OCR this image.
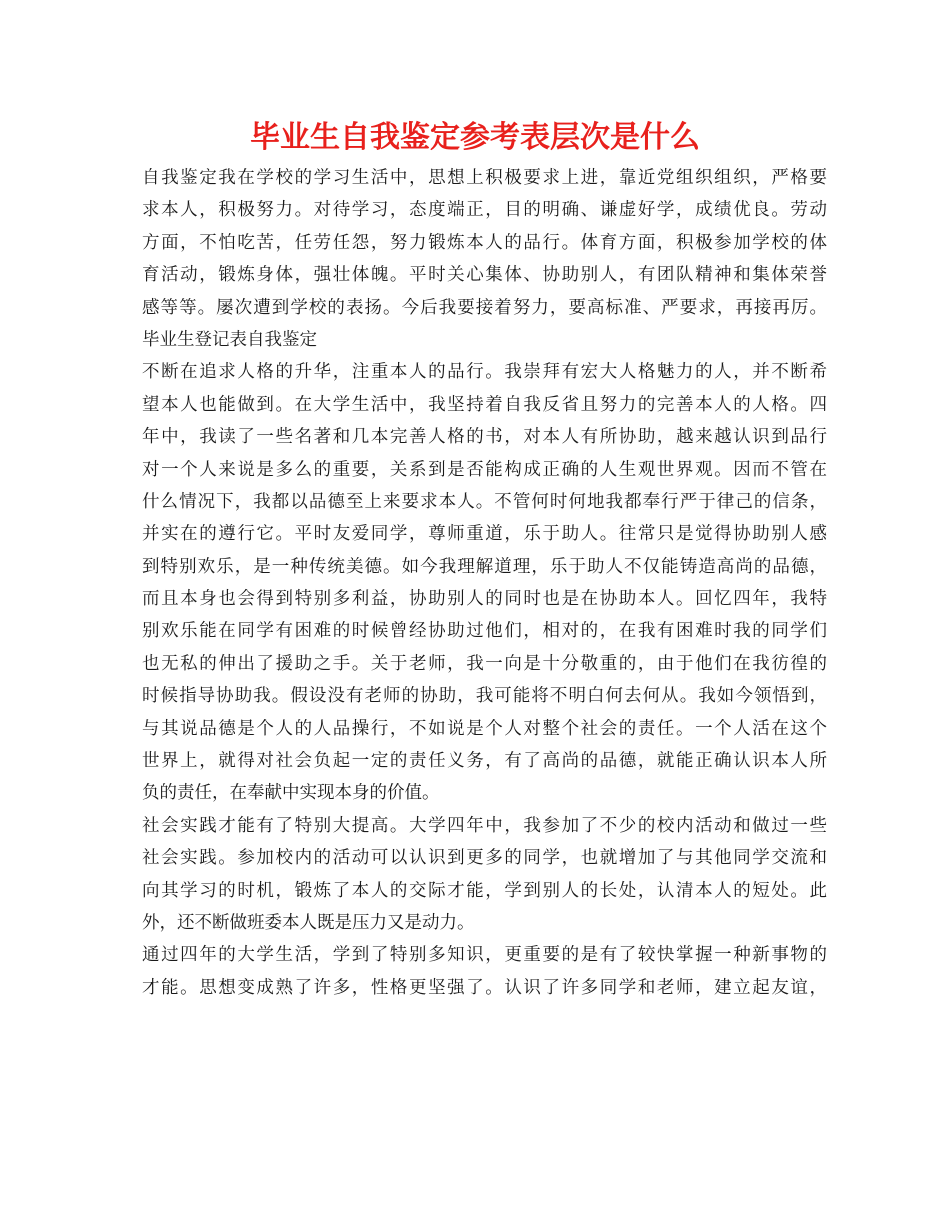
毕业生自我鉴定参考表层次是什么
自我鉴定我在学校的学习生活中，思想上积极要求上进，靠近党组织组织，严格要
求本人，积极努力。对待学习，态度端正，目的明确、谦虚好学，成绩优良。劳动
方面，不怕吃苦，任劳任怨，努力锻炼本人的品行。体育方面，积极参加学校的体
育活动，锻炼身体，强壮体魄。平时关心集体、协助别人，有团队精神和集体荣誉
感等等。屡次遭到学校的表扬。今后我要接着努力，要高标准、严要求，再接再厉。
毕业生登记表自我鉴定
不断在追求人格的升华，注重本人的品行。我崇拜有宏大人格魅力的人，并不断希
望本人也能做到。在大学生活中，我坚持着自我反省且努力的完善本人的人格。四
年中，我读了一些名著和几本完善人格的书，对本人有所协助，越来越认识到品行
对一个人来说是多么的重要，关系到是否能构成正确的人生观世界观。因而不管在
什么情况下，我都以品德至上来要求本人。不管何时何地我都奉行严于律己的信条，
并实在的遵行它。平时友爱同学，尊师重道，乐于助人。往常只是觉得协助别人感
到特别欢乐，是一种传统美德。如今我理解道理，乐于助人不仅能铸造高尚的品德，
而且本身也会得到特别多利益，协助别人的同时也是在协助本人。回忆四年，我特
别欢乐能在同学有困难的时候曾经协助过他们，相对的，在我有困难时我的同学们
也无私的伸出了援助之手。关于老师，我一向是十分敬重的，由于他们在我彷徨的
时候指导协助我。假设没有老师的协助，我可能将不明白何去何从。我如今领悟到，
与其说品德是个人的人品操行，不如说是个人对整个社会的责任。一个人活在这个
世界上，就得对社会负起一定的责任义务，有了高尚的品德，就能正确认识本人所
负的责任，在奉献中实现本身的价值。
社会实践才能有了特别大提高。大学四年中，我参加了不少的校内活动和做过一些
社会实践。参加校内的活动可以认识到更多的同学，也就增加了与其他同学交流和
向其学习的时机，锻炼了本人的交际才能，学到别人的长处，认清本人的短处。此
外，还不断做班委本人既是压力又是动力。
通过四年的大学生活，学到了特别多知识，更重要的是有了较快掌握一种新事物的
才能。思想变成熟了许多，性格更坚强了。认识了许多同学和老师，建立起友谊，
